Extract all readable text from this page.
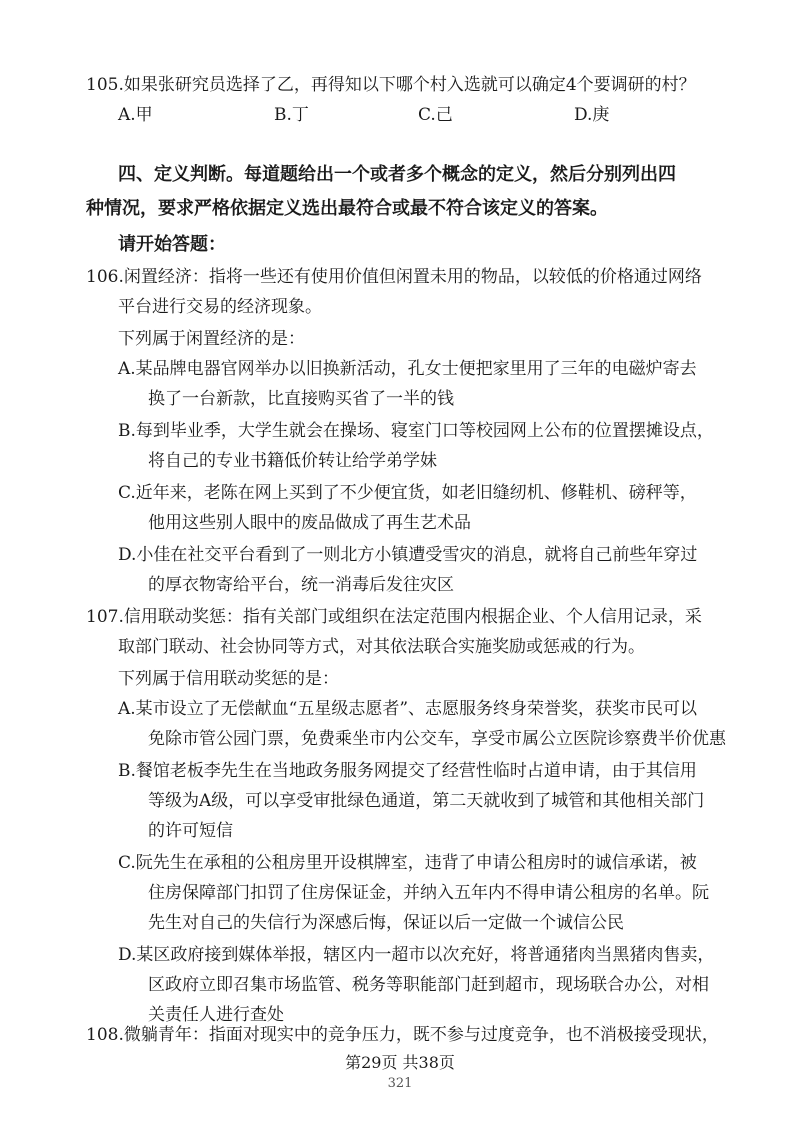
105.如果张研究员选择了乙，再得知以下哪个村入选就可以确定4个要调研的村？
A.甲	B.丁	C.己	D.庚
四、定义判断。每道题给出一个或者多个概念的定义，然后分别列出四
种情况，要求严格依据定义选出最符合或最不符合该定义的答案。
请开始答题：
106.闲置经济：指将一些还有使用价值但闲置未用的物品，以较低的价格通过网络
平台进行交易的经济现象。
下列属于闲置经济的是：
A.某品牌电器官网举办以旧换新活动，孔女士便把家里用了三年的电磁炉寄去
换了一台新款，比直接购买省了一半的钱
B.每到毕业季，大学生就会在操场、寝室门口等校园网上公布的位置摆摊设点，
将自己的专业书籍低价转让给学弟学妹
C.近年来，老陈在网上买到了不少便宜货，如老旧缝纫机、修鞋机、磅秤等，
他用这些别人眼中的废品做成了再生艺术品
D.小佳在社交平台看到了一则北方小镇遭受雪灾的消息，就将自己前些年穿过
的厚衣物寄给平台，统一消毒后发往灾区
107.信用联动奖惩：指有关部门或组织在法定范围内根据企业、个人信用记录，采
取部门联动、社会协同等方式，对其依法联合实施奖励或惩戒的行为。
下列属于信用联动奖惩的是：
A.某市设立了无偿献血“五星级志愿者”、志愿服务终身荣誉奖，获奖市民可以
免除市管公园门票，免费乘坐市内公交车，享受市属公立医院诊察费半价优惠
B.餐馆老板李先生在当地政务服务网提交了经营性临时占道申请，由于其信用
等级为A级，可以享受审批绿色通道，第二天就收到了城管和其他相关部门
的许可短信
C.阮先生在承租的公租房里开设棋牌室，违背了申请公租房时的诚信承诺，被
住房保障部门扣罚了住房保证金，并纳入五年内不得申请公租房的名单。阮
先生对自己的失信行为深感后悔，保证以后一定做一个诚信公民
D.某区政府接到媒体举报，辖区内一超市以次充好，将普通猪肉当黑猪肉售卖，
区政府立即召集市场监管、税务等职能部门赶到超市，现场联合办公，对相
关责任人进行查处
108.微躺青年：指面对现实中的竞争压力，既不参与过度竞争，也不消极接受现状，
第29页 共38页
321
